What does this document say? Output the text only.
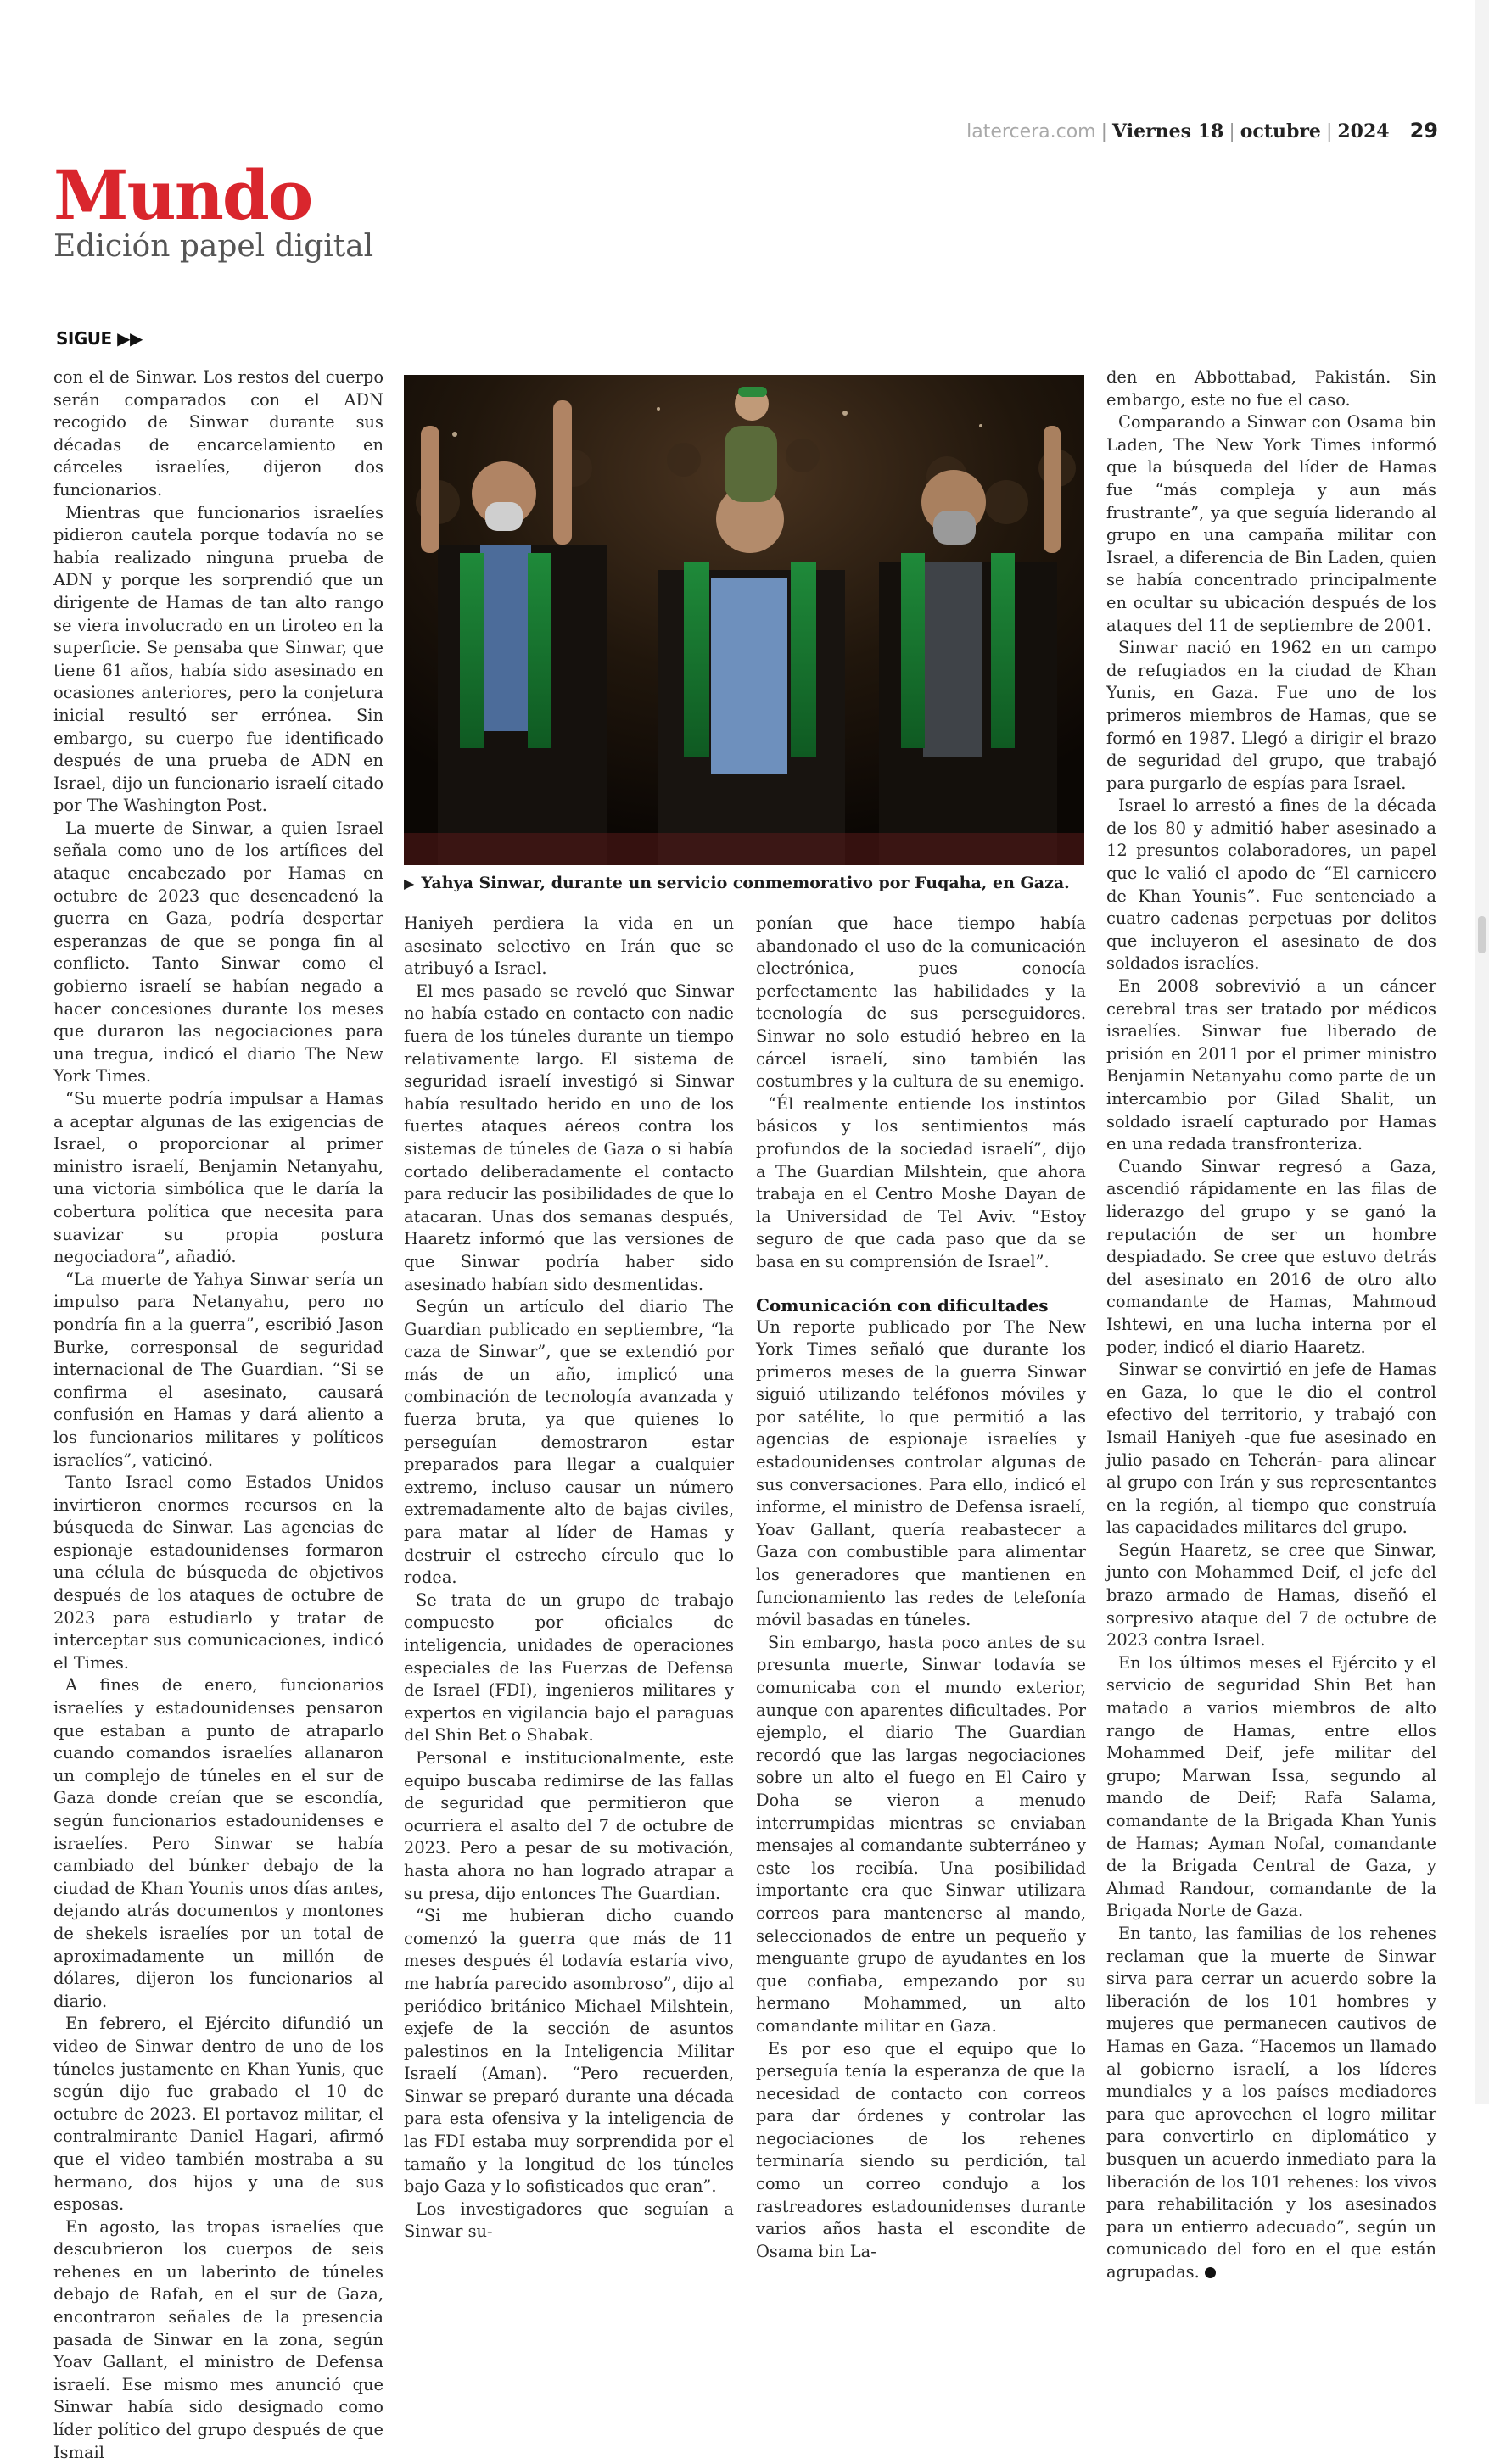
latercera.com | Viernes 18 | octubre | 2024 29
Mundo
Edición papel digital
SIGUE ▶▶

con el de Sinwar. Los restos del cuerpo serán comparados con el ADN recogido de Sinwar durante sus décadas de encarcelamiento en cárceles israelíes, dijeron dos funcionarios.

Mientras que funcionarios israelíes pidieron cautela porque todavía no se había realizado ninguna prueba de ADN y porque les sorprendió que un dirigente de Hamas de tan alto rango se viera involucrado en un tiroteo en la superficie. Se pensaba que Sinwar, que tiene 61 años, había sido asesinado en ocasiones anteriores, pero la conjetura inicial resultó ser errónea. Sin embargo, su cuerpo fue identificado después de una prueba de ADN en Israel, dijo un funcionario israelí citado por The Washington Post.

La muerte de Sinwar, a quien Israel señala como uno de los artífices del ataque encabezado por Hamas en octubre de 2023 que desencadenó la guerra en Gaza, podría despertar esperanzas de que se ponga fin al conflicto. Tanto Sinwar como el gobierno israelí se habían negado a hacer concesiones durante los meses que duraron las negociaciones para una tregua, indicó el diario The New York Times.

“Su muerte podría impulsar a Hamas a aceptar algunas de las exigencias de Israel, o proporcionar al primer ministro israelí, Benjamin Netanyahu, una victoria simbólica que le daría la cobertura política que necesita para suavizar su propia postura negociadora”, añadió.

“La muerte de Yahya Sinwar sería un impulso para Netanyahu, pero no pondría fin a la guerra”, escribió Jason Burke, corresponsal de seguridad internacional de The Guardian. “Si se confirma el asesinato, causará confusión en Hamas y dará aliento a los funcionarios militares y políticos israelíes”, vaticinó.

Tanto Israel como Estados Unidos invirtieron enormes recursos en la búsqueda de Sinwar. Las agencias de espionaje estadounidenses formaron una célula de búsqueda de objetivos después de los ataques de octubre de 2023 para estudiarlo y tratar de interceptar sus comunicaciones, indicó el Times.

A fines de enero, funcionarios israelíes y estadounidenses pensaron que estaban a punto de atraparlo cuando comandos israelíes allanaron un complejo de túneles en el sur de Gaza donde creían que se escondía, según funcionarios estadounidenses e israelíes. Pero Sinwar se había cambiado del búnker debajo de la ciudad de Khan Younis unos días antes, dejando atrás documentos y montones de shekels israelíes por un total de aproximadamente un millón de dólares, dijeron los funcionarios al diario.

En febrero, el Ejército difundió un video de Sinwar dentro de uno de los túneles justamente en Khan Yunis, que según dijo fue grabado el 10 de octubre de 2023. El portavoz militar, el contralmirante Daniel Hagari, afirmó que el video también mostraba a su hermano, dos hijos y una de sus esposas.

En agosto, las tropas israelíes que descubrieron los cuerpos de seis rehenes en un laberinto de túneles debajo de Rafah, en el sur de Gaza, encontraron señales de la presencia pasada de Sinwar en la zona, según Yoav Gallant, el ministro de Defensa israelí. Ese mismo mes anunció que Sinwar había sido designado como líder político del grupo después de que Ismail

▶ Yahya Sinwar, durante un servicio conmemorativo por Fuqaha, en Gaza.

Haniyeh perdiera la vida en un asesinato selectivo en Irán que se atribuyó a Israel.

El mes pasado se reveló que Sinwar no había estado en contacto con nadie fuera de los túneles durante un tiempo relativamente largo. El sistema de seguridad israelí investigó si Sinwar había resultado herido en uno de los fuertes ataques aéreos contra los sistemas de túneles de Gaza o si había cortado deliberadamente el contacto para reducir las posibilidades de que lo atacaran. Unas dos semanas después, Haaretz informó que las versiones de que Sinwar podría haber sido asesinado habían sido desmentidas.

Según un artículo del diario The Guardian publicado en septiembre, “la caza de Sinwar”, que se extendió por más de un año, implicó una combinación de tecnología avanzada y fuerza bruta, ya que quienes lo perseguían demostraron estar preparados para llegar a cualquier extremo, incluso causar un número extremadamente alto de bajas civiles, para matar al líder de Hamas y destruir el estrecho círculo que lo rodea.

Se trata de un grupo de trabajo compuesto por oficiales de inteligencia, unidades de operaciones especiales de las Fuerzas de Defensa de Israel (FDI), ingenieros militares y expertos en vigilancia bajo el paraguas del Shin Bet o Shabak.

Personal e institucionalmente, este equipo buscaba redimirse de las fallas de seguridad que permitieron que ocurriera el asalto del 7 de octubre de 2023. Pero a pesar de su motivación, hasta ahora no han logrado atrapar a su presa, dijo entonces The Guardian.

“Si me hubieran dicho cuando comenzó la guerra que más de 11 meses después él todavía estaría vivo, me habría parecido asombroso”, dijo al periódico británico Michael Milshtein, exjefe de la sección de asuntos palestinos en la Inteligencia Militar Israelí (Aman). “Pero recuerden, Sinwar se preparó durante una década para esta ofensiva y la inteligencia de las FDI estaba muy sorprendida por el tamaño y la longitud de los túneles bajo Gaza y lo sofisticados que eran”.

Los investigadores que seguían a Sinwar su-

ponían que hace tiempo había abandonado el uso de la comunicación electrónica, pues conocía perfectamente las habilidades y la tecnología de sus perseguidores. Sinwar no solo estudió hebreo en la cárcel israelí, sino también las costumbres y la cultura de su enemigo.

“Él realmente entiende los instintos básicos y los sentimientos más profundos de la sociedad israelí”, dijo a The Guardian Milshtein, que ahora trabaja en el Centro Moshe Dayan de la Universidad de Tel Aviv. “Estoy seguro de que cada paso que da se basa en su comprensión de Israel”.

Comunicación con dificultades

Un reporte publicado por The New York Times señaló que durante los primeros meses de la guerra Sinwar siguió utilizando teléfonos móviles y por satélite, lo que permitió a las agencias de espionaje israelíes y estadounidenses controlar algunas de sus conversaciones. Para ello, indicó el informe, el ministro de Defensa israelí, Yoav Gallant, quería reabastecer a Gaza con combustible para alimentar los generadores que mantienen en funcionamiento las redes de telefonía móvil basadas en túneles.

Sin embargo, hasta poco antes de su presunta muerte, Sinwar todavía se comunicaba con el mundo exterior, aunque con aparentes dificultades. Por ejemplo, el diario The Guardian recordó que las largas negociaciones sobre un alto el fuego en El Cairo y Doha se vieron a menudo interrumpidas mientras se enviaban mensajes al comandante subterráneo y este los recibía. Una posibilidad importante era que Sinwar utilizara correos para mantenerse al mando, seleccionados de entre un pequeño y menguante grupo de ayudantes en los que confiaba, empezando por su hermano Mohammed, un alto comandante militar en Gaza.

Es por eso que el equipo que lo perseguía tenía la esperanza de que la necesidad de contacto con correos para dar órdenes y controlar las negociaciones de los rehenes terminaría siendo su perdición, tal como un correo condujo a los rastreadores estadounidenses durante varios años hasta el escondite de Osama bin La-

den en Abbottabad, Pakistán. Sin embargo, este no fue el caso.

Comparando a Sinwar con Osama bin Laden, The New York Times informó que la búsqueda del líder de Hamas fue “más compleja y aun más frustrante”, ya que seguía liderando al grupo en una campaña militar con Israel, a diferencia de Bin Laden, quien se había concentrado principalmente en ocultar su ubicación después de los ataques del 11 de septiembre de 2001.

Sinwar nació en 1962 en un campo de refugiados en la ciudad de Khan Yunis, en Gaza. Fue uno de los primeros miembros de Hamas, que se formó en 1987. Llegó a dirigir el brazo de seguridad del grupo, que trabajó para purgarlo de espías para Israel.

Israel lo arrestó a fines de la década de los 80 y admitió haber asesinado a 12 presuntos colaboradores, un papel que le valió el apodo de “El carnicero de Khan Younis”. Fue sentenciado a cuatro cadenas perpetuas por delitos que incluyeron el asesinato de dos soldados israelíes.

En 2008 sobrevivió a un cáncer cerebral tras ser tratado por médicos israelíes. Sinwar fue liberado de prisión en 2011 por el primer ministro Benjamin Netanyahu como parte de un intercambio por Gilad Shalit, un soldado israelí capturado por Hamas en una redada transfronteriza.

Cuando Sinwar regresó a Gaza, ascendió rápidamente en las filas de liderazgo del grupo y se ganó la reputación de ser un hombre despiadado. Se cree que estuvo detrás del asesinato en 2016 de otro alto comandante de Hamas, Mahmoud Ishtewi, en una lucha interna por el poder, indicó el diario Haaretz.

Sinwar se convirtió en jefe de Hamas en Gaza, lo que le dio el control efectivo del territorio, y trabajó con Ismail Haniyeh -que fue asesinado en julio pasado en Teherán- para alinear al grupo con Irán y sus representantes en la región, al tiempo que construía las capacidades militares del grupo.

Según Haaretz, se cree que Sinwar, junto con Mohammed Deif, el jefe del brazo armado de Hamas, diseñó el sorpresivo ataque del 7 de octubre de 2023 contra Israel.

En los últimos meses el Ejército y el servicio de seguridad Shin Bet han matado a varios miembros de alto rango de Hamas, entre ellos Mohammed Deif, jefe militar del grupo; Marwan Issa, segundo al mando de Deif; Rafa Salama, comandante de la Brigada Khan Yunis de Hamas; Ayman Nofal, comandante de la Brigada Central de Gaza, y Ahmad Randour, comandante de la Brigada Norte de Gaza.

En tanto, las familias de los rehenes reclaman que la muerte de Sinwar sirva para cerrar un acuerdo sobre la liberación de los 101 hombres y mujeres que permanecen cautivos de Hamas en Gaza. “Hacemos un llamado al gobierno israelí, a los líderes mundiales y a los países mediadores para que aprovechen el logro militar para convertirlo en diplomático y busquen un acuerdo inmediato para la liberación de los 101 rehenes: los vivos para rehabilitación y los asesinados para un entierro adecuado”, según un comunicado del foro en el que están agrupadas.
